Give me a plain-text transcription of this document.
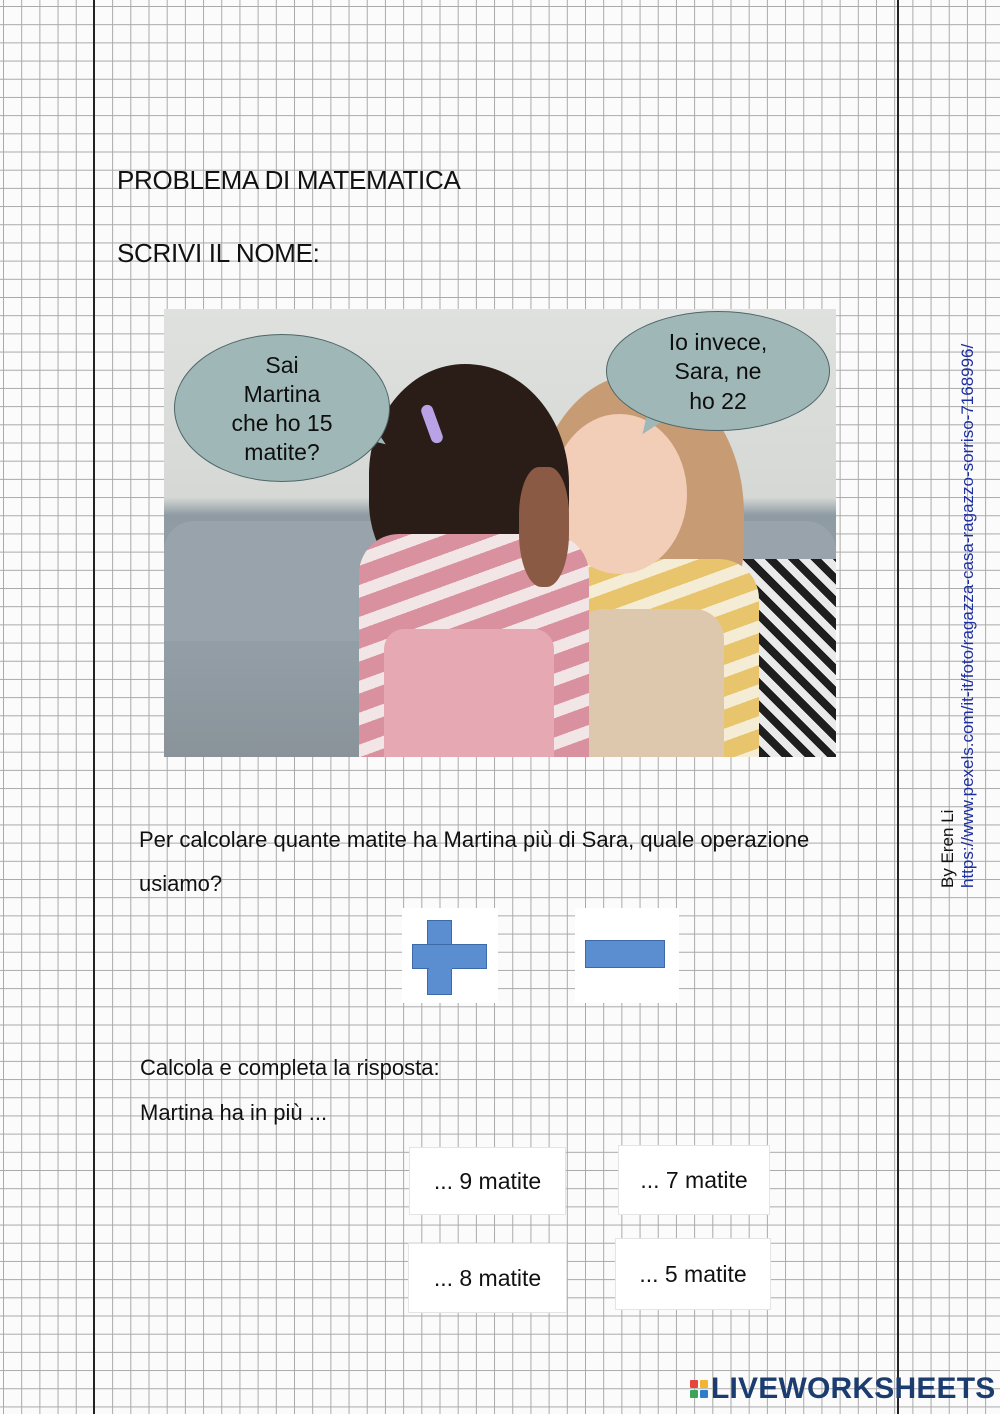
PROBLEMA DI MATEMATICA
SCRIVI IL NOME:
Sai
Martina
che ho 15
matite?
Io invece,
Sara, ne
ho 22
By Eren Li https://www.pexels.com/it-it/foto/ragazza-casa-ragazzo-sorriso-7168996/
Per calcolare quante matite ha Martina più di Sara, quale operazione usiamo?
Calcola e completa la risposta:
Martina ha in più ...
... 9 matite	... 7 matite
... 8 matite	... 5 matite
LIVEWORKSHEETS
